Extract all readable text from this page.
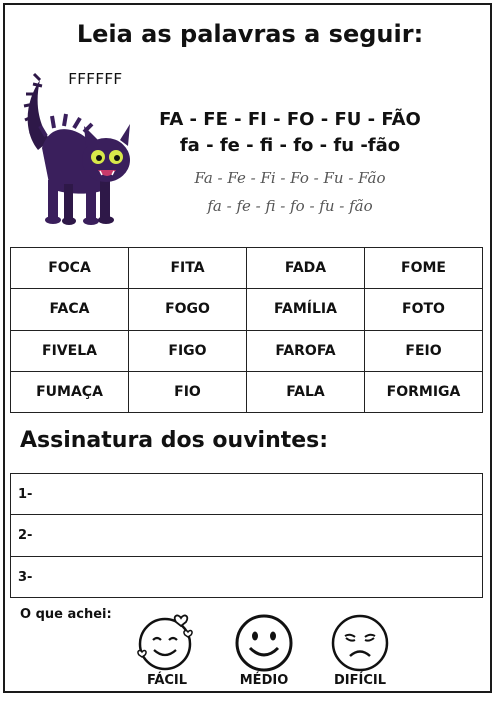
Leia as palavras a seguir:
FFFFFF
FA - FE - FI - FO - FU - FÃO
fa - fe - fi - fo - fu -fão
Fa - Fe - Fi - Fo - Fu - Fão
fa - fe - fi - fo - fu - fão
FOCA	FITA	FADA	FOME
FACA	FOGO	FAMÍLIA	FOTO
FIVELA	FIGO	FAROFA	FEIO
FUMAÇA	FIO	FALA	FORMIGA
Assinatura dos ouvintes:
1-
2-
3-
O que achei:
FÁCIL	MÉDIO	DIFÍCIL
